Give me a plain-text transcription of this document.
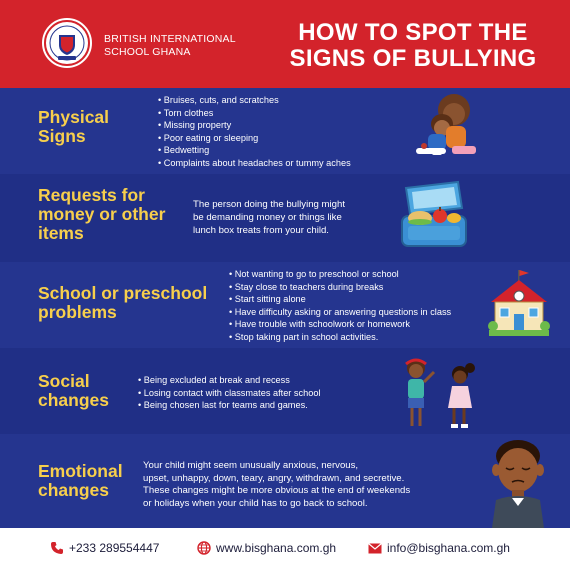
BRITISH INTERNATIONAL
SCHOOL GHANA
HOW TO SPOT THE
SIGNS OF BULLYING
Physical
Signs
• Bruises, cuts, and scratches
• Torn clothes
• Missing property
• Poor eating or sleeping
• Bedwetting
• Complaints about headaches or tummy aches
Requests for
money or other
items
The person doing the bullying might
be demanding money or things like
lunch box treats from your child.
School or preschool
problems
• Not wanting to go to preschool or school
• Stay close to teachers during breaks
• Start sitting alone
• Have difficulty asking or answering questions in class
• Have trouble with schoolwork or homework
• Stop taking part in school activities.
Social
changes
• Being excluded at break and recess
• Losing contact with classmates after school
• Being chosen last for teams and games.
Emotional
changes
Your child might seem unusually anxious, nervous,
upset, unhappy, down, teary, angry, withdrawn, and secretive.
These changes might be more obvious at the end of weekends
or holidays when your child has to go back to school.
+233 289554447	www.bisghana.com.gh	info@bisghana.com.gh
